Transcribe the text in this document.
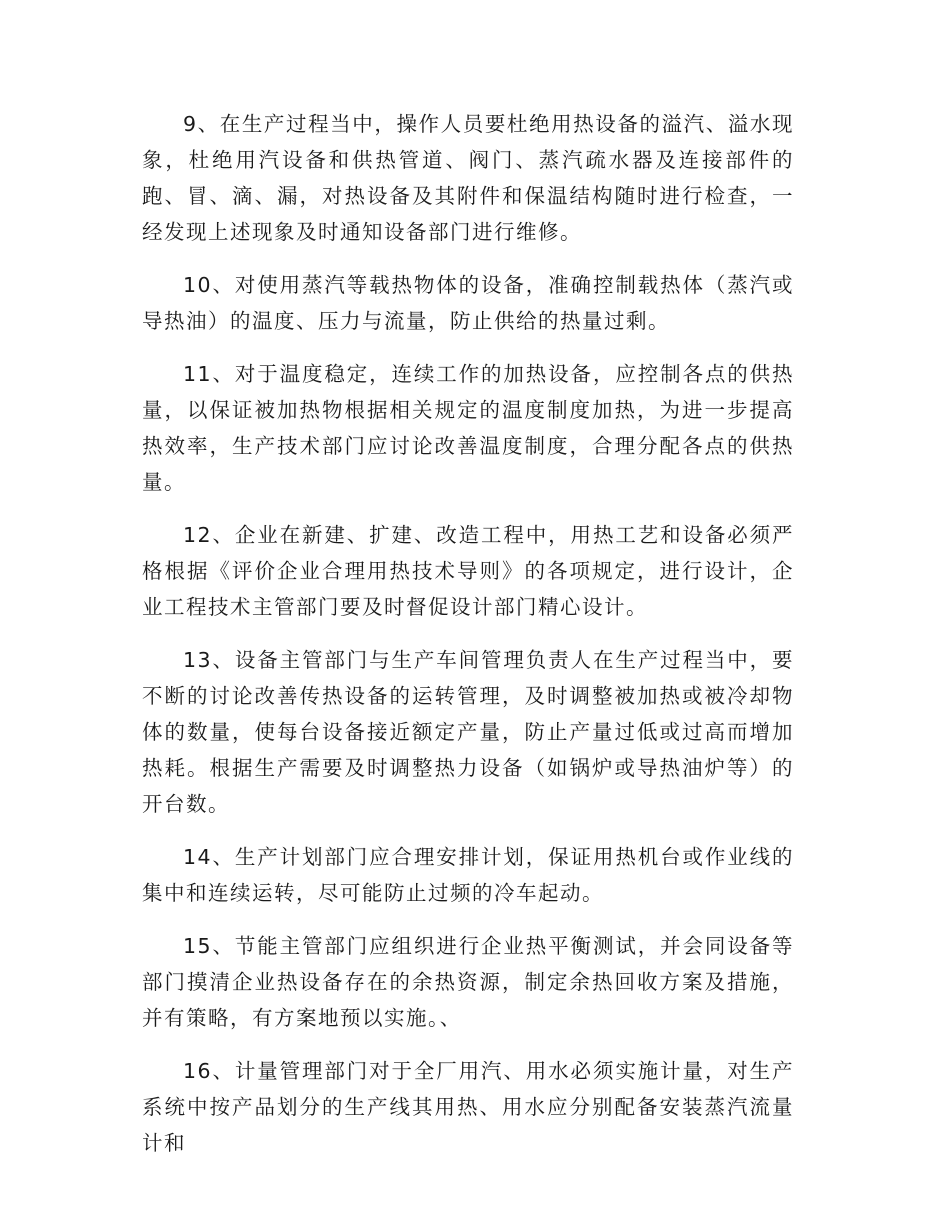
9、在生产过程当中，操作人员要杜绝用热设备的溢汽、溢水现象，杜绝用汽设备和供热管道、阀门、蒸汽疏水器及连接部件的跑、冒、滴、漏，对热设备及其附件和保温结构随时进行检查，一经发现上述现象及时通知设备部门进行维修。

10、对使用蒸汽等载热物体的设备，准确控制载热体（蒸汽或导热油）的温度、压力与流量，防止供给的热量过剩。

11、对于温度稳定，连续工作的加热设备，应控制各点的供热量，以保证被加热物根据相关规定的温度制度加热，为进一步提高热效率，生产技术部门应讨论改善温度制度，合理分配各点的供热量。

12、企业在新建、扩建、改造工程中，用热工艺和设备必须严格根据《评价企业合理用热技术导则》的各项规定，进行设计，企业工程技术主管部门要及时督促设计部门精心设计。

13、设备主管部门与生产车间管理负责人在生产过程当中，要不断的讨论改善传热设备的运转管理，及时调整被加热或被冷却物体的数量，使每台设备接近额定产量，防止产量过低或过高而增加热耗。根据生产需要及时调整热力设备（如锅炉或导热油炉等）的开台数。

14、生产计划部门应合理安排计划，保证用热机台或作业线的集中和连续运转，尽可能防止过频的冷车起动。

15、节能主管部门应组织进行企业热平衡测试，并会同设备等部门摸清企业热设备存在的余热资源，制定余热回收方案及措施，并有策略，有方案地预以实施。、

16、计量管理部门对于全厂用汽、用水必须实施计量，对生产系统中按产品划分的生产线其用热、用水应分别配备安装蒸汽流量计和
